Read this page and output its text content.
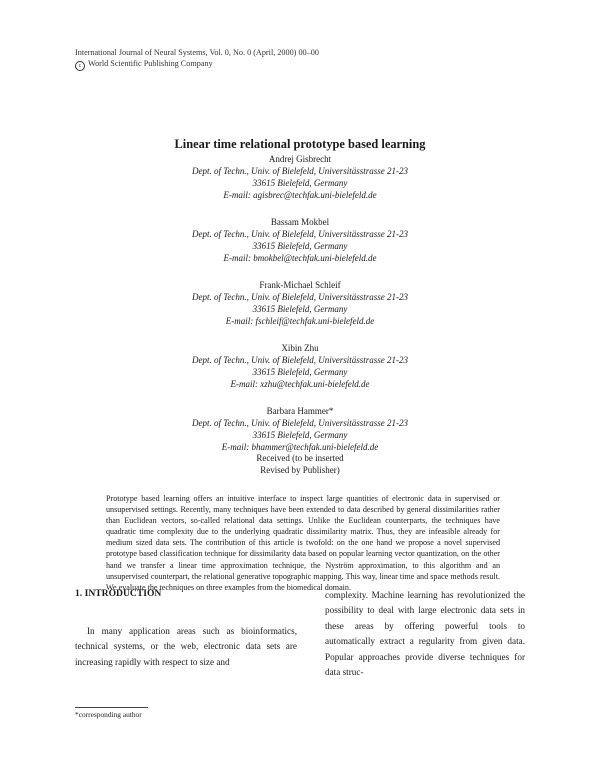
International Journal of Neural Systems, Vol. 0, No. 0 (April, 2000) 00–00
c World Scientific Publishing Company
Linear time relational prototype based learning
Andrej Gisbrecht
Dept. of Techn., Univ. of Bielefeld, Universitässtrasse 21-23
33615 Bielefeld, Germany
E-mail: agisbrec@techfak.uni-bielefeld.de
Bassam Mokbel
Dept. of Techn., Univ. of Bielefeld, Universitässtrasse 21-23
33615 Bielefeld, Germany
E-mail: bmokbel@techfak.uni-bielefeld.de
Frank-Michael Schleif
Dept. of Techn., Univ. of Bielefeld, Universitässtrasse 21-23
33615 Bielefeld, Germany
E-mail: fschleif@techfak.uni-bielefeld.de
Xibin Zhu
Dept. of Techn., Univ. of Bielefeld, Universitässtrasse 21-23
33615 Bielefeld, Germany
E-mail: xzhu@techfak.uni-bielefeld.de
Barbara Hammer*
Dept. of Techn., Univ. of Bielefeld, Universitässtrasse 21-23
33615 Bielefeld, Germany
E-mail: bhammer@techfak.uni-bielefeld.de
Received (to be inserted
Revised by Publisher)
Prototype based learning offers an intuitive interface to inspect large quantities of electronic data in supervised or unsupervised settings. Recently, many techniques have been extended to data described by general dissimilarities rather than Euclidean vectors, so-called relational data settings. Unlike the Euclidean counterparts, the techniques have quadratic time complexity due to the underlying quadratic dissimilarity matrix. Thus, they are infeasible already for medium sized data sets. The contribution of this article is twofold: on the one hand we propose a novel supervised prototype based classification technique for dissimilarity data based on popular learning vector quantization, on the other hand we transfer a linear time approximation technique, the Nyström approximation, to this algorithm and an unsupervised counterpart, the relational generative topographic mapping. This way, linear time and space methods result. We evaluate the techniques on three examples from the biomedical domain.
1. INTRODUCTION
In many application areas such as bioinformatics, technical systems, or the web, electronic data sets are increasing rapidly with respect to size and
complexity. Machine learning has revolutionized the possibility to deal with large electronic data sets in these areas by offering powerful tools to automatically extract a regularity from given data. Popular approaches provide diverse techniques for data struc-
*corresponding author
